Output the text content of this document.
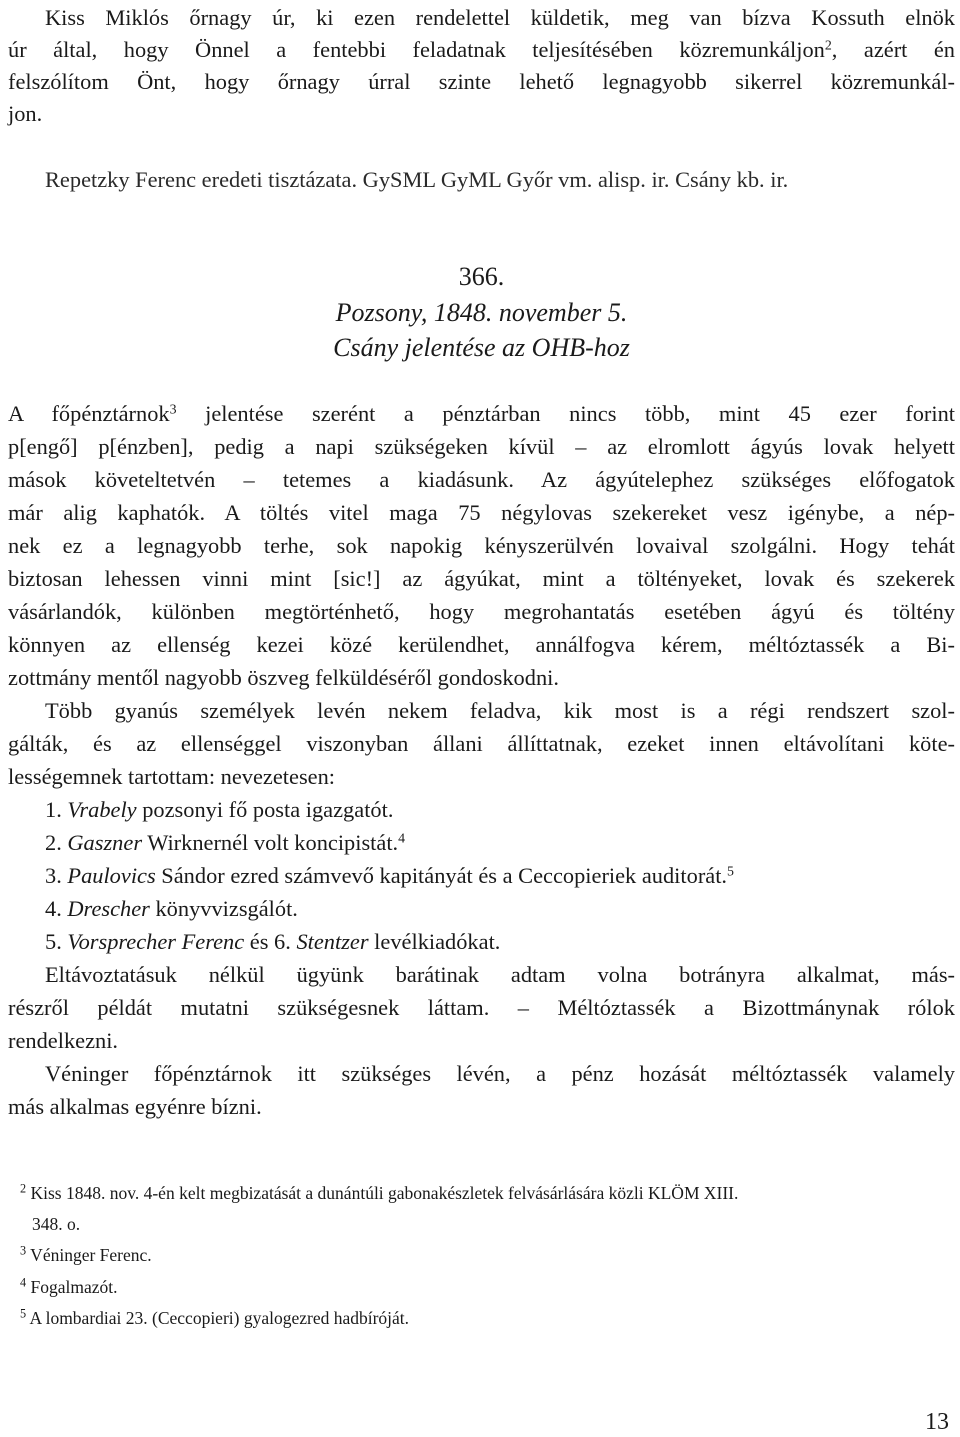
Kiss Miklós őrnagy úr, ki ezen rendelettel küldetik, meg van bízva Kossuth elnök
úr által, hogy Önnel a fentebbi feladatnak teljesítésében közremunkáljon$^2$, azért én
felszólítom Önt, hogy őrnagy úrral szinte lehető legnagyobb sikerrel közremunkál-
jon.
Repetzky Ferenc eredeti tisztázata. GySML GyML Győr vm. alisp. ir. Csány kb. ir.
366.
Pozsony, 1848. november 5.
Csány jelentése az OHB-hoz
A főpénztárnok$^3$ jelentése szerént a pénztárban nincs több, mint 45 ezer forint
p[engő] p[énzben], pedig a napi szükségeken kívül – az elromlott ágyús lovak helyett
mások követeltetvén – tetemes a kiadásunk. Az ágyútelephez szükséges előfogatok
már alig kaphatók. A töltés vitel maga 75 négylovas szekereket vesz igénybe, a nép-
nek ez a legnagyobb terhe, sok napokig kényszerülvén lovaival szolgálni. Hogy tehát
biztosan lehessen vinni mint [sic!] az ágyúkat, mint a töltényeket, lovak és szekerek
vásárlandók, különben megtörténhető, hogy megrohantatás esetében ágyú és töltény
könnyen az ellenség kezei közé kerülendhet, annálfogva kérem, méltóztassék a Bi-
zottmány mentől nagyobb öszveg felküldéséről gondoskodni.
Több gyanús személyek levén nekem feladva, kik most is a régi rendszert szol-
gálták, és az ellenséggel viszonyban állani állíttatnak, ezeket innen eltávolítani köte-
lességemnek tartottam: nevezetesen:
1. Vrabely pozsonyi fő posta igazgatót.
2. Gaszner Wirknernél volt koncipistát.$^4$
3. Paulovics Sándor ezred számvevő kapitányát és a Ceccopieriek auditorát.$^5$
4. Drescher könyvvizsgálót.
5. Vorsprecher Ferenc és 6. Stentzer levélkiadókat.
Eltávoztatásuk nélkül ügyünk barátinak adtam volna botrányra alkalmat, más-
részről példát mutatni szükségesnek láttam. – Méltóztassék a Bizottmánynak rólok
rendelkezni.
Véninger főpénztárnok itt szükséges lévén, a pénz hozását méltóztassék valamely
más alkalmas egyénre bízni.
$^2$ Kiss 1848. nov. 4-én kelt megbizatását a dunántúli gabonakészletek felvásárlására közli KLÖM XIII.
348. o.
$^3$ Véninger Ferenc.
$^4$ Fogalmazót.
$^5$ A lombardiai 23. (Ceccopieri) gyalogezred hadbíróját.
13
